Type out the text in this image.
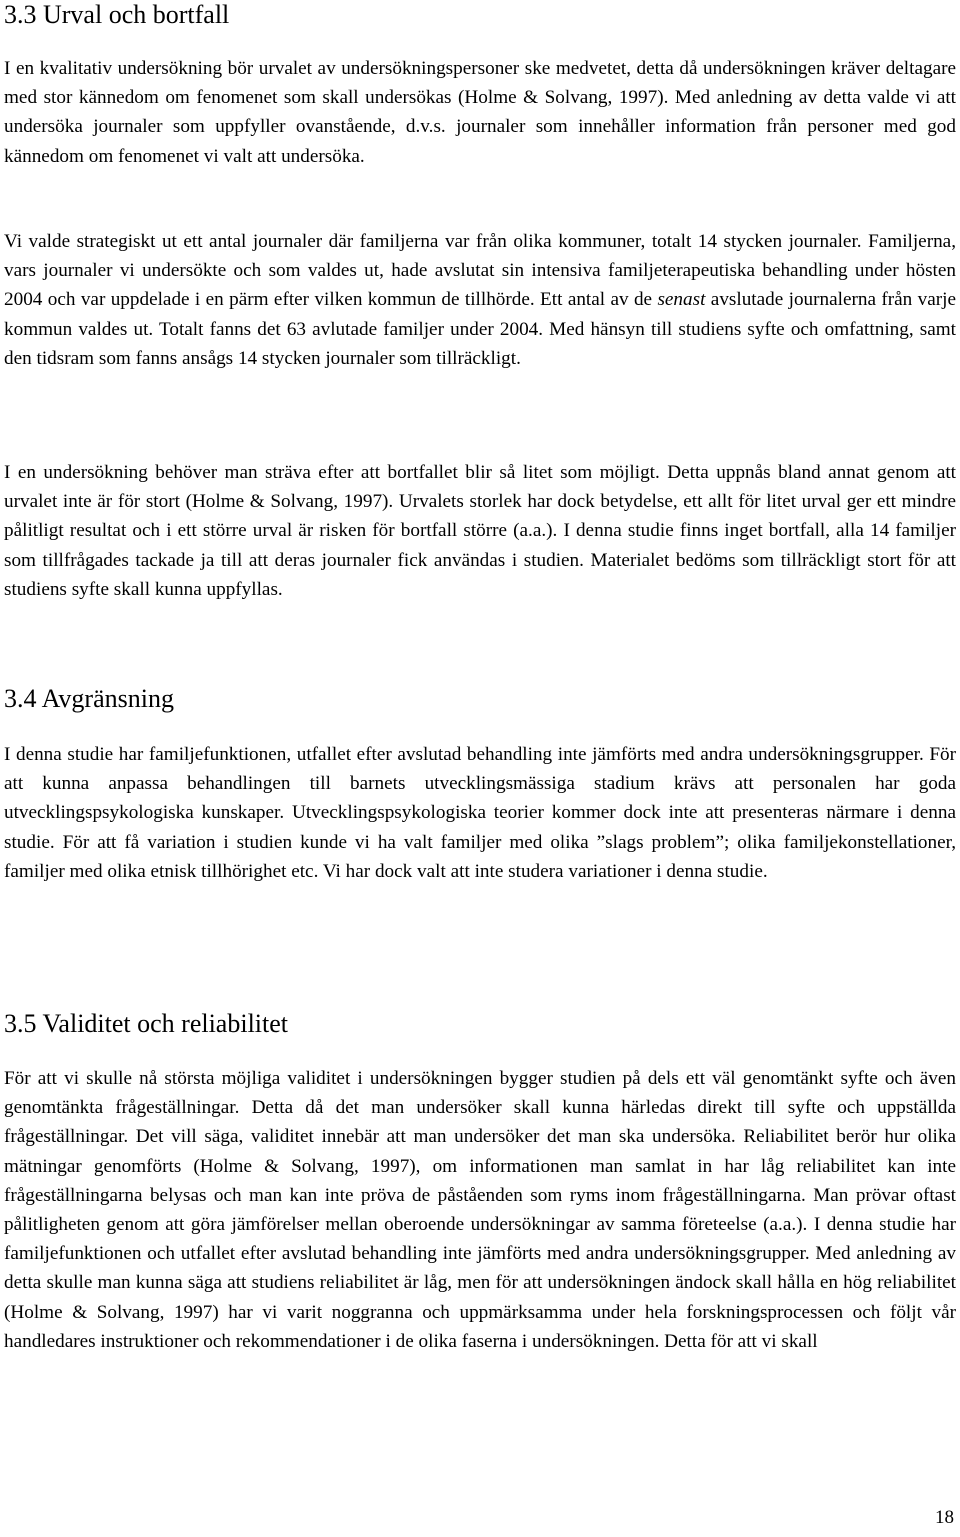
3.3 Urval och bortfall

I en kvalitativ undersökning bör urvalet av undersökningspersoner ske medvetet, detta då undersökningen kräver deltagare med stor kännedom om fenomenet som skall undersökas (Holme & Solvang, 1997). Med anledning av detta valde vi att undersöka journaler som uppfyller ovanstående, d.v.s. journaler som innehåller information från personer med god kännedom om fenomenet vi valt att undersöka.

Vi valde strategiskt ut ett antal journaler där familjerna var från olika kommuner, totalt 14 stycken journaler. Familjerna, vars journaler vi undersökte och som valdes ut, hade avslutat sin intensiva familjeterapeutiska behandling under hösten 2004 och var uppdelade i en pärm efter vilken kommun de tillhörde. Ett antal av de senast avslutade journalerna från varje kommun valdes ut. Totalt fanns det 63 avlutade familjer under 2004. Med hänsyn till studiens syfte och omfattning, samt den tidsram som fanns ansågs 14 stycken journaler som tillräckligt.

I en undersökning behöver man sträva efter att bortfallet blir så litet som möjligt. Detta uppnås bland annat genom att urvalet inte är för stort (Holme & Solvang, 1997). Urvalets storlek har dock betydelse, ett allt för litet urval ger ett mindre pålitligt resultat och i ett större urval är risken för bortfall större (a.a.). I denna studie finns inget bortfall, alla 14 familjer som tillfrågades tackade ja till att deras journaler fick användas i studien. Materialet bedöms som tillräckligt stort för att studiens syfte skall kunna uppfyllas.

3.4 Avgränsning

I denna studie har familjefunktionen, utfallet efter avslutad behandling inte jämförts med andra undersökningsgrupper. För att kunna anpassa behandlingen till barnets utvecklingsmässiga stadium krävs att personalen har goda utvecklingspsykologiska kunskaper. Utvecklingspsykologiska teorier kommer dock inte att presenteras närmare i denna studie. För att få variation i studien kunde vi ha valt familjer med olika ”slags problem”; olika familjekonstellationer, familjer med olika etnisk tillhörighet etc. Vi har dock valt att inte studera variationer i denna studie.

3.5 Validitet och reliabilitet

För att vi skulle nå största möjliga validitet i undersökningen bygger studien på dels ett väl genomtänkt syfte och även genomtänkta frågeställningar. Detta då det man undersöker skall kunna härledas direkt till syfte och uppställda frågeställningar. Det vill säga, validitet innebär att man undersöker det man ska undersöka. Reliabilitet berör hur olika mätningar genomförts (Holme & Solvang, 1997), om informationen man samlat in har låg reliabilitet kan inte frågeställningarna belysas och man kan inte pröva de påståenden som ryms inom frågeställningarna. Man prövar oftast pålitligheten genom att göra jämförelser mellan oberoende undersökningar av samma företeelse (a.a.). I denna studie har familjefunktionen och utfallet efter avslutad behandling inte jämförts med andra undersökningsgrupper. Med anledning av detta skulle man kunna säga att studiens reliabilitet är låg, men för att undersökningen ändock skall hålla en hög reliabilitet (Holme & Solvang, 1997) har vi varit noggranna och uppmärksamma under hela forskningsprocessen och följt vår handledares instruktioner och rekommendationer i de olika faserna i undersökningen. Detta för att vi skall

18
